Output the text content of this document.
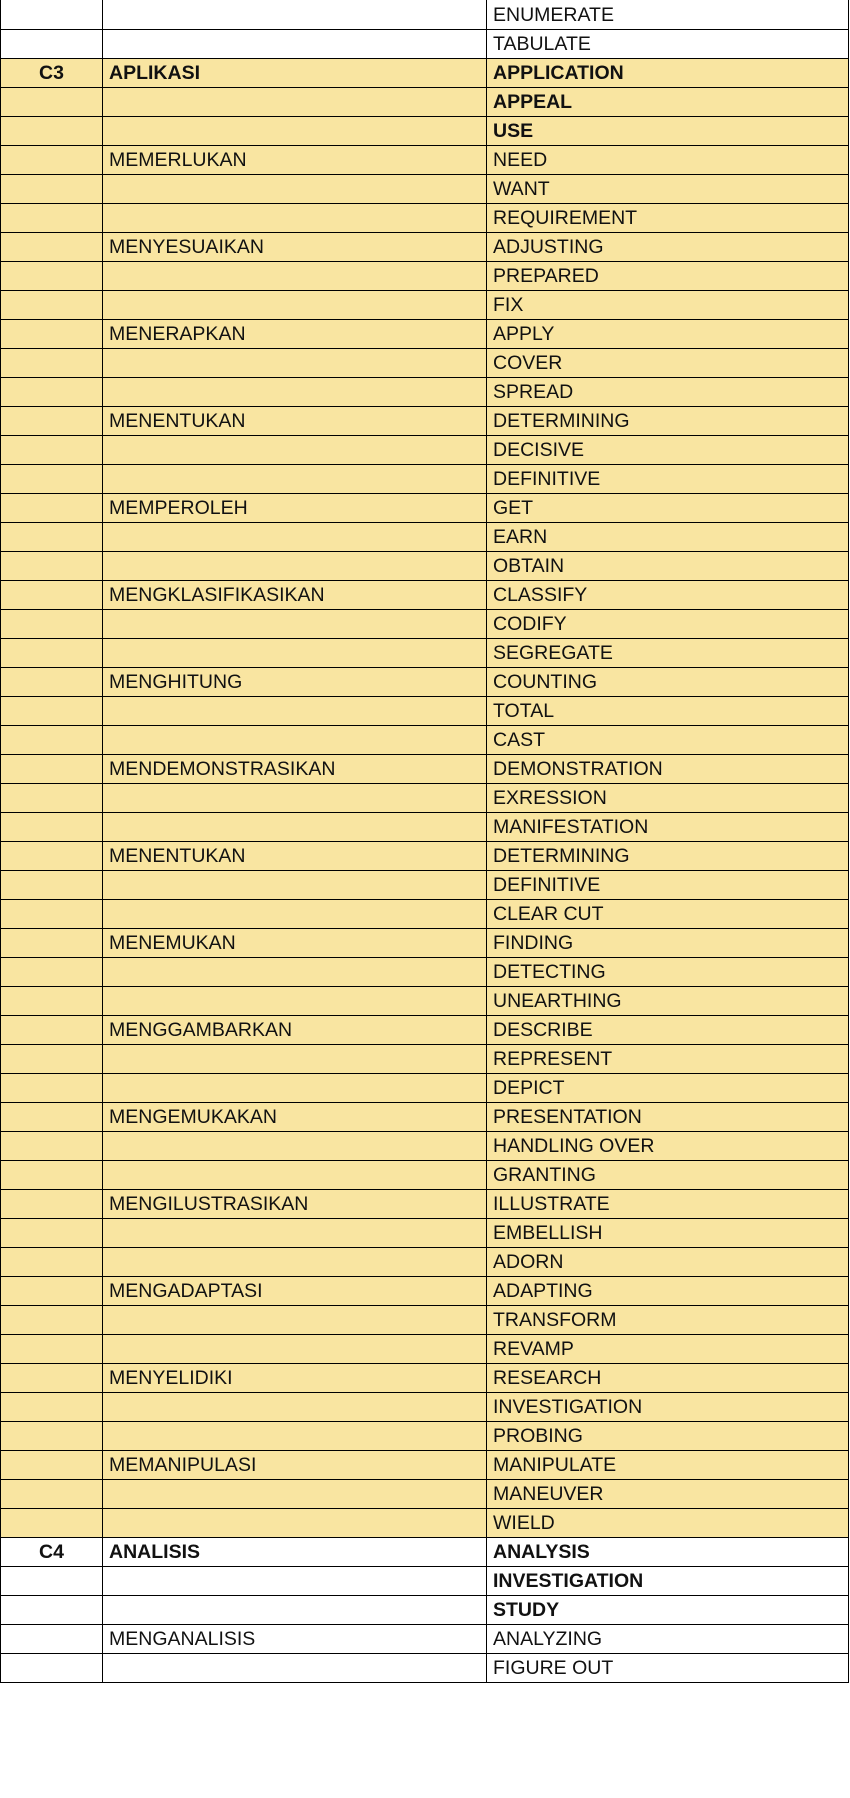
		ENUMERATE
		TABULATE
C3	APLIKASI	APPLICATION
		APPEAL
		USE
	MEMERLUKAN	NEED
		WANT
		REQUIREMENT
	MENYESUAIKAN	ADJUSTING
		PREPARED
		FIX
	MENERAPKAN	APPLY
		COVER
		SPREAD
	MENENTUKAN	DETERMINING
		DECISIVE
		DEFINITIVE
	MEMPEROLEH	GET
		EARN
		OBTAIN
	MENGKLASIFIKASIKAN	CLASSIFY
		CODIFY
		SEGREGATE
	MENGHITUNG	COUNTING
		TOTAL
		CAST
	MENDEMONSTRASIKAN	DEMONSTRATION
		EXRESSION
		MANIFESTATION
	MENENTUKAN	DETERMINING
		DEFINITIVE
		CLEAR CUT
	MENEMUKAN	FINDING
		DETECTING
		UNEARTHING
	MENGGAMBARKAN	DESCRIBE
		REPRESENT
		DEPICT
	MENGEMUKAKAN	PRESENTATION
		HANDLING OVER
		GRANTING
	MENGILUSTRASIKAN	ILLUSTRATE
		EMBELLISH
		ADORN
	MENGADAPTASI	ADAPTING
		TRANSFORM
		REVAMP
	MENYELIDIKI	RESEARCH
		INVESTIGATION
		PROBING
	MEMANIPULASI	MANIPULATE
		MANEUVER
		WIELD
C4	ANALISIS	ANALYSIS
		INVESTIGATION
		STUDY
	MENGANALISIS	ANALYZING
		FIGURE OUT
